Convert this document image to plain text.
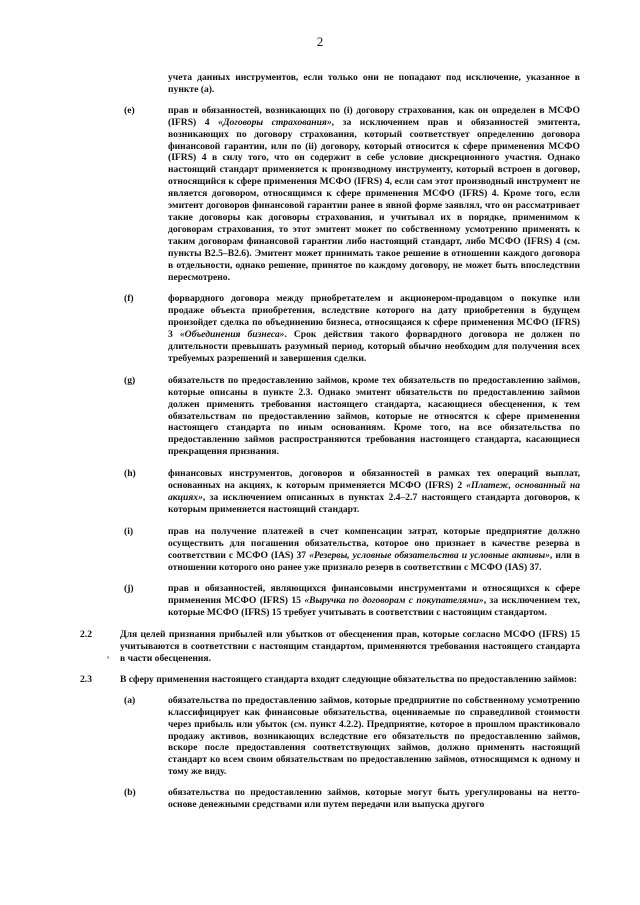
2
учета данных инструментов, если только они не попадают под исключение, указанное в пункте (а).
(e)	прав и обязанностей, возникающих по (i) договору страхования, как он определен в МСФО (IFRS) 4 «Договоры страхования», за исключением прав и обязанностей эмитента, возникающих по договору страхования, который соответствует определению договора финансовой гарантии, или по (ii) договору, который относится к сфере применения МСФО (IFRS) 4 в силу того, что он содержит в себе условие дискреционного участия. Однако настоящий стандарт применяется к производному инструменту, который встроен в договор, относящийся к сфере применения МСФО (IFRS) 4, если сам этот производный инструмент не является договором, относящимся к сфере применения МСФО (IFRS) 4. Кроме того, если эмитент договоров финансовой гарантии ранее в явной форме заявлял, что он рассматривает такие договоры как договоры страхования, и учитывал их в порядке, применимом к договорам страхования, то этот эмитент может по собственному усмотрению применять к таким договорам финансовой гарантии либо настоящий стандарт, либо МСФО (IFRS) 4 (см. пункты B2.5–B2.6). Эмитент может принимать такое решение в отношении каждого договора в отдельности, однако решение, принятое по каждому договору, не может быть впоследствии пересмотрено.
(f)	форвардного договора между приобретателем и акционером-продавцом о покупке или продаже объекта приобретения, вследствие которого на дату приобретения в будущем произойдет сделка по объединению бизнеса, относящаяся к сфере применения МСФО (IFRS) 3 «Объединения бизнеса». Срок действия такого форвардного договора не должен по длительности превышать разумный период, который обычно необходим для получения всех требуемых разрешений и завершения сделки.
(g)	обязательств по предоставлению займов, кроме тех обязательств по предоставлению займов, которые описаны в пункте 2.3. Однако эмитент обязательств по предоставлению займов должен применять требования настоящего стандарта, касающиеся обесценения, к тем обязательствам по предоставлению займов, которые не относятся к сфере применения настоящего стандарта по иным основаниям. Кроме того, на все обязательства по предоставлению займов распространяются требования настоящего стандарта, касающиеся прекращения признания.
(h)	финансовых инструментов, договоров и обязанностей в рамках тех операций выплат, основанных на акциях, к которым применяется МСФО (IFRS) 2 «Платеж, основанный на акциях», за исключением описанных в пунктах 2.4–2.7 настоящего стандарта договоров, к которым применяется настоящий стандарт.
(i)	прав на получение платежей в счет компенсации затрат, которые предприятие должно осуществить для погашения обязательства, которое оно признает в качестве резерва в соответствии с МСФО (IAS) 37 «Резервы, условные обязательства и условные активы», или в отношении которого оно ранее уже признало резерв в соответствии с МСФО (IAS) 37.
(j)	прав и обязанностей, являющихся финансовыми инструментами и относящихся к сфере применения МСФО (IFRS) 15 «Выручка по договорам с покупателями», за исключением тех, которые МСФО (IFRS) 15 требует учитывать в соответствии с настоящим стандартом.
2.2	Для целей признания прибылей или убытков от обесценения прав, которые согласно МСФО (IFRS) 15 учитываются в соответствии с настоящим стандартом, применяются требования настоящего стандарта в части обесценения.
ᵃ
2.3	В сферу применения настоящего стандарта входят следующие обязательства по предоставлению займов:
(a)	обязательства по предоставлению займов, которые предприятие по собственному усмотрению классифицирует как финансовые обязательства, оцениваемые по справедливой стоимости через прибыль или убыток (см. пункт 4.2.2). Предприятие, которое в прошлом практиковало продажу активов, возникающих вследствие его обязательств по предоставлению займов, вскоре после предоставления соответствующих займов, должно применять настоящий стандарт ко всем своим обязательствам по предоставлению займов, относящимся к одному и тому же виду.
(b)	обязательства по предоставлению займов, которые могут быть урегулированы на нетто-основе денежными средствами или путем передачи или выпуска другого
